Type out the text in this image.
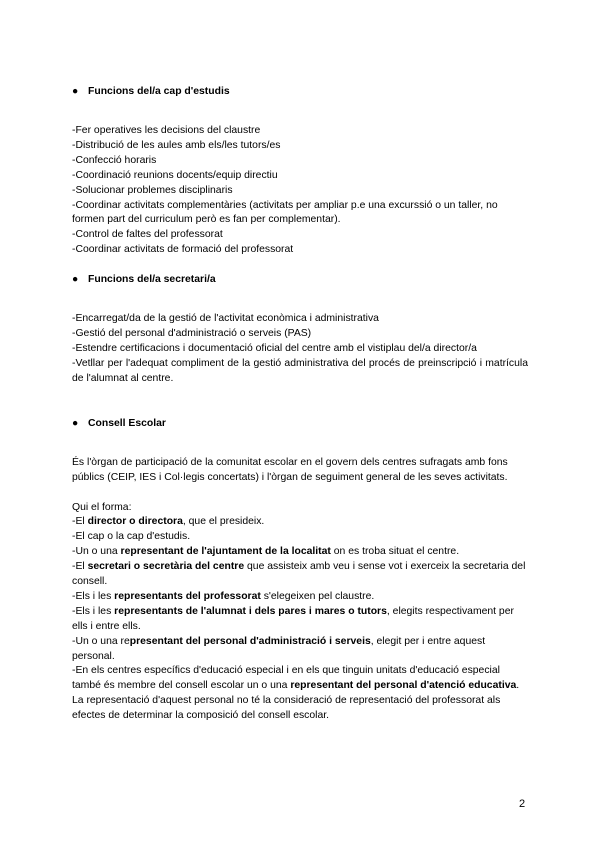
● Funcions del/a cap d'estudis

-Fer operatives les decisions del claustre

-Distribució de les aules amb els/les tutors/es

-Confecció horaris

-Coordinació reunions docents/equip directiu

-Solucionar problemes disciplinaris

-Coordinar activitats complementàries (activitats per ampliar p.e una excurssió o un taller, no formen part del curriculum però es fan per complementar).

-Control de faltes del professorat

-Coordinar activitats de formació del professorat

● Funcions del/a secretari/a

-Encarregat/da de la gestió de l'activitat econòmica i administrativa

-Gestió del personal d'administració o serveis (PAS)

-Estendre certificacions i documentació oficial del centre amb el vistiplau del/a director/a

-Vetllar per l'adequat compliment de la gestió administrativa del procés de preinscripció i matrícula de l'alumnat al centre.

● Consell Escolar

És l'òrgan de participació de la comunitat escolar en el govern dels centres sufragats amb fons públics (CEIP, IES i Col·legis concertats) i l'òrgan de seguiment general de les seves activitats.

Qui el forma:

-El director o directora, que el presideix.

-El cap o la cap d'estudis.

-Un o una representant de l'ajuntament de la localitat on es troba situat el centre.

-El secretari o secretària del centre que assisteix amb veu i sense vot i exerceix la secretaria del consell.

-Els i les representants del professorat s'elegeixen pel claustre.

-Els i les representants de l'alumnat i dels pares i mares o tutors, elegits respectivament per ells i entre ells.

-Un o una representant del personal d'administració i serveis, elegit per i entre aquest personal.

-En els centres específics d'educació especial i en els que tinguin unitats d'educació especial també és membre del consell escolar un o una representant del personal d'atenció educativa. La representació d'aquest personal no té la consideració de representació del professorat als efectes de determinar la composició del consell escolar.

2
